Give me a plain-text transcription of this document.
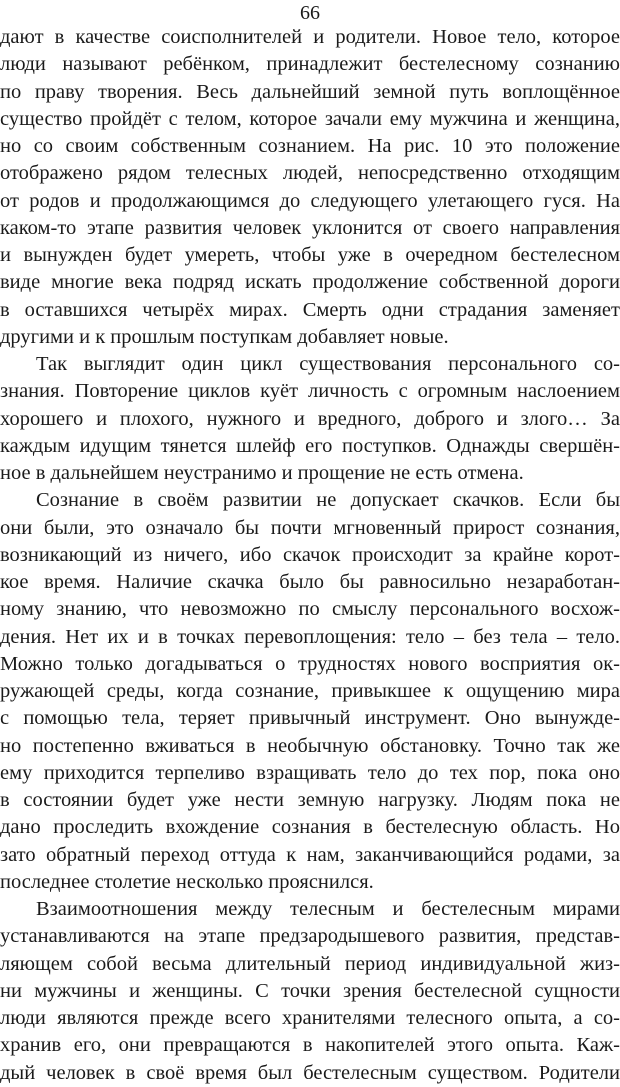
66
дают в качестве соисполнителей и родители. Новое тело, которое
люди называют ребёнком, принадлежит бестелесному сознанию
по праву творения. Весь дальнейший земной путь воплощённое
существо пройдёт с телом, которое зачали ему мужчина и женщина,
но со своим собственным сознанием. На рис. 10 это положение
отображено рядом телесных людей, непосредственно отходящим
от родов и продолжающимся до следующего улетающего гуся. На
каком-то этапе развития человек уклонится от своего направления
и вынужден будет умереть, чтобы уже в очередном бестелесном
виде многие века подряд искать продолжение собственной дороги
в оставшихся четырёх мирах. Смерть одни страдания заменяет
другими и к прошлым поступкам добавляет новые.
Так выглядит один цикл существования персонального со-
знания. Повторение циклов куёт личность с огромным наслоением
хорошего и плохого, нужного и вредного, доброго и злого… За
каждым идущим тянется шлейф его поступков. Однажды свершён-
ное в дальнейшем неустранимо и прощение не есть отмена.
Сознание в своём развитии не допускает скачков. Если бы
они были, это означало бы почти мгновенный прирост сознания,
возникающий из ничего, ибо скачок происходит за крайне корот-
кое время. Наличие скачка было бы равносильно незаработан-
ному знанию, что невозможно по смыслу персонального восхож-
дения. Нет их и в точках перевоплощения: тело – без тела – тело.
Можно только догадываться о трудностях нового восприятия ок-
ружающей среды, когда сознание, привыкшее к ощущению мира
с помощью тела, теряет привычный инструмент. Оно вынужде-
но постепенно вживаться в необычную обстановку. Точно так же
ему приходится терпеливо взращивать тело до тех пор, пока оно
в состоянии будет уже нести земную нагрузку. Людям пока не
дано проследить вхождение сознания в бестелесную область. Но
зато обратный переход оттуда к нам, заканчивающийся родами, за
последнее столетие несколько прояснился.
Взаимоотношения между телесным и бестелесным мирами
устанавливаются на этапе предзародышевого развития, представ-
ляющем собой весьма длительный период индивидуальной жиз-
ни мужчины и женщины. С точки зрения бестелесной сущности
люди являются прежде всего хранителями телесного опыта, а со-
хранив его, они превращаются в накопителей этого опыта. Каж-
дый человек в своё время был бестелесным существом. Родители
